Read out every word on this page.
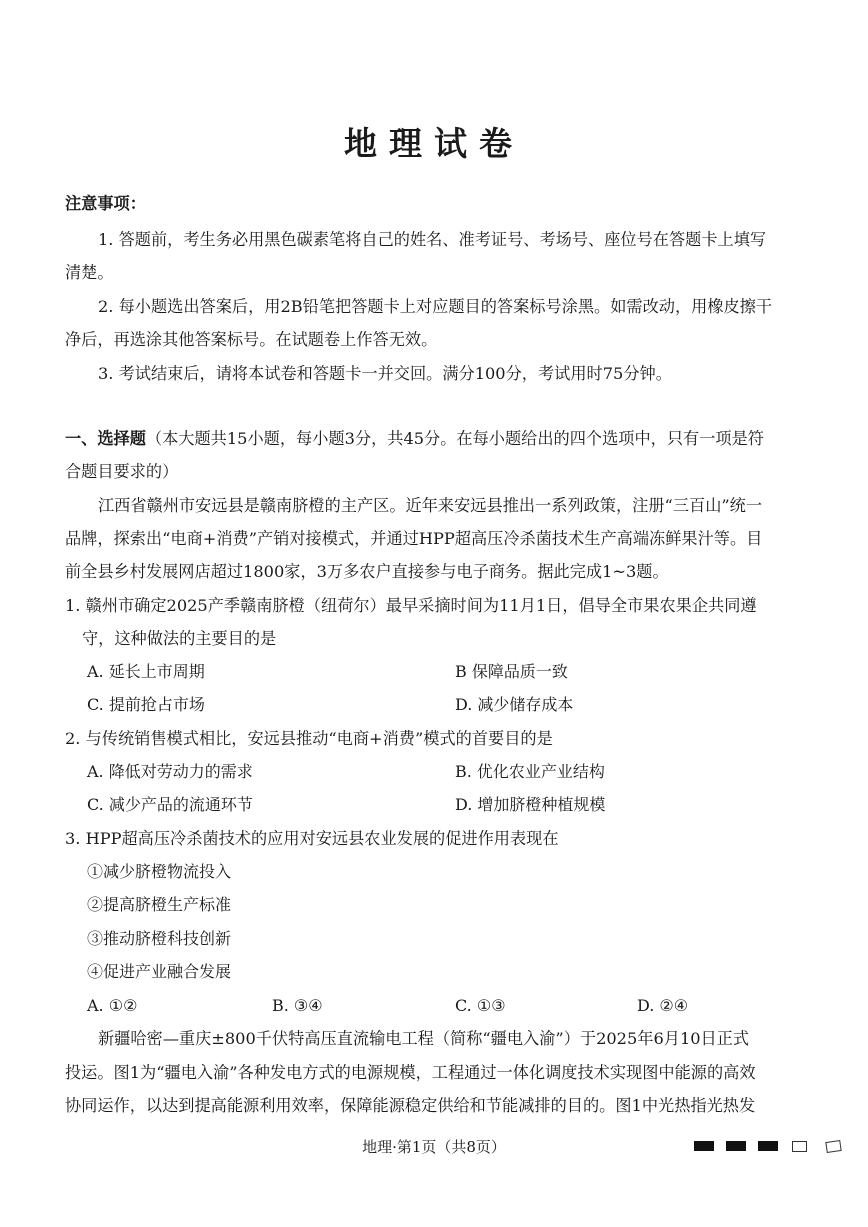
地理试卷
注意事项：
1. 答题前，考生务必用黑色碳素笔将自己的姓名、准考证号、考场号、座位号在答题卡上填写
清楚。
2. 每小题选出答案后，用2B铅笔把答题卡上对应题目的答案标号涂黑。如需改动，用橡皮擦干
净后，再选涂其他答案标号。在试题卷上作答无效。
3. 考试结束后，请将本试卷和答题卡一并交回。满分100分，考试用时75分钟。
一、选择题（本大题共15小题，每小题3分，共45分。在每小题给出的四个选项中，只有一项是符
合题目要求的）
江西省赣州市安远县是赣南脐橙的主产区。近年来安远县推出一系列政策，注册“三百山”统一
品牌，探索出“电商+消费”产销对接模式，并通过HPP超高压冷杀菌技术生产高端冻鲜果汁等。目
前全县乡村发展网店超过1800家，3万多农户直接参与电子商务。据此完成1~3题。
1. 赣州市确定2025产季赣南脐橙（纽荷尔）最早采摘时间为11月1日，倡导全市果农果企共同遵
守，这种做法的主要目的是
A. 延长上市周期	B 保障品质一致
C. 提前抢占市场	D. 减少储存成本
2. 与传统销售模式相比，安远县推动“电商+消费”模式的首要目的是
A. 降低对劳动力的需求	B. 优化农业产业结构
C. 减少产品的流通环节	D. 增加脐橙种植规模
3. HPP超高压冷杀菌技术的应用对安远县农业发展的促进作用表现在
①减少脐橙物流投入
②提高脐橙生产标准
③推动脐橙科技创新
④促进产业融合发展
A. ①②	B. ③④	C. ①③	D. ②④
新疆哈密—重庆±800千伏特高压直流输电工程（简称“疆电入渝”）于2025年6月10日正式
投运。图1为“疆电入渝”各种发电方式的电源规模，工程通过一体化调度技术实现图中能源的高效
协同运作，以达到提高能源利用效率，保障能源稳定供给和节能减排的目的。图1中光热指光热发
地理·第1页（共8页）
